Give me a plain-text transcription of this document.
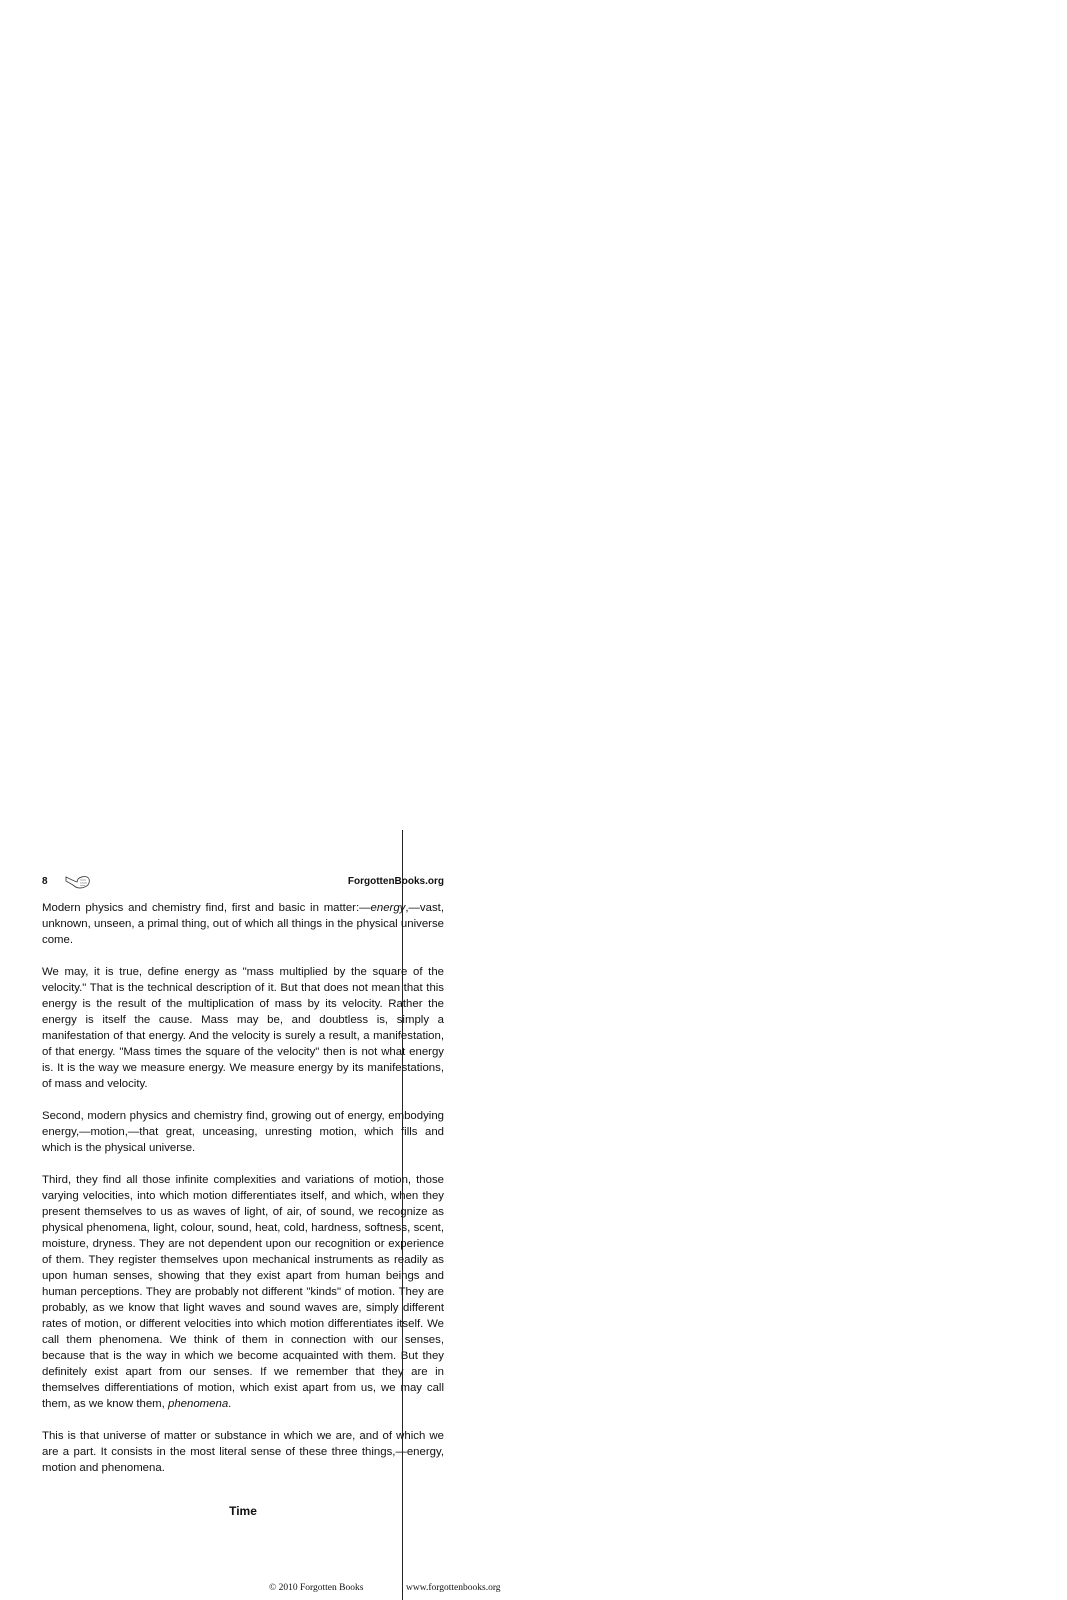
8	ForgottenBooks.org

Modern physics and chemistry find, first and basic in matter:—energy,—vast, unknown, unseen, a primal thing, out of which all things in the physical universe come.

We may, it is true, define energy as "mass multiplied by the square of the velocity." That is the technical description of it. But that does not mean that this energy is the result of the multiplication of mass by its velocity. Rather the energy is itself the cause. Mass may be, and doubtless is, simply a manifestation of that energy. And the velocity is surely a result, a manifestation, of that energy. "Mass times the square of the velocity" then is not what energy is. It is the way we measure energy. We measure energy by its manifestations, of mass and velocity.

Second, modern physics and chemistry find, growing out of energy, embodying energy,—motion,—that great, unceasing, unresting motion, which fills and which is the physical universe.

Third, they find all those infinite complexities and variations of motion, those varying velocities, into which motion differentiates itself, and which, when they present themselves to us as waves of light, of air, of sound, we recognize as physical phenomena, light, colour, sound, heat, cold, hardness, softness, scent, moisture, dryness. They are not dependent upon our recognition or experience of them. They register themselves upon mechanical instruments as readily as upon human senses, showing that they exist apart from human beings and human perceptions. They are probably not different "kinds" of motion. They are probably, as we know that light waves and sound waves are, simply different rates of motion, or different velocities into which motion differentiates itself. We call them phenomena. We think of them in connection with our senses, because that is the way in which we become acquainted with them. But they definitely exist apart from our senses. If we remember that they are in themselves differentiations of motion, which exist apart from us, we may call them, as we know them, phenomena.

This is that universe of matter or substance in which we are, and of which we are a part. It consists in the most literal sense of these three things,—energy, motion and phenomena.

Time
© 2010 Forgotten Books	www.forgottenbooks.org
